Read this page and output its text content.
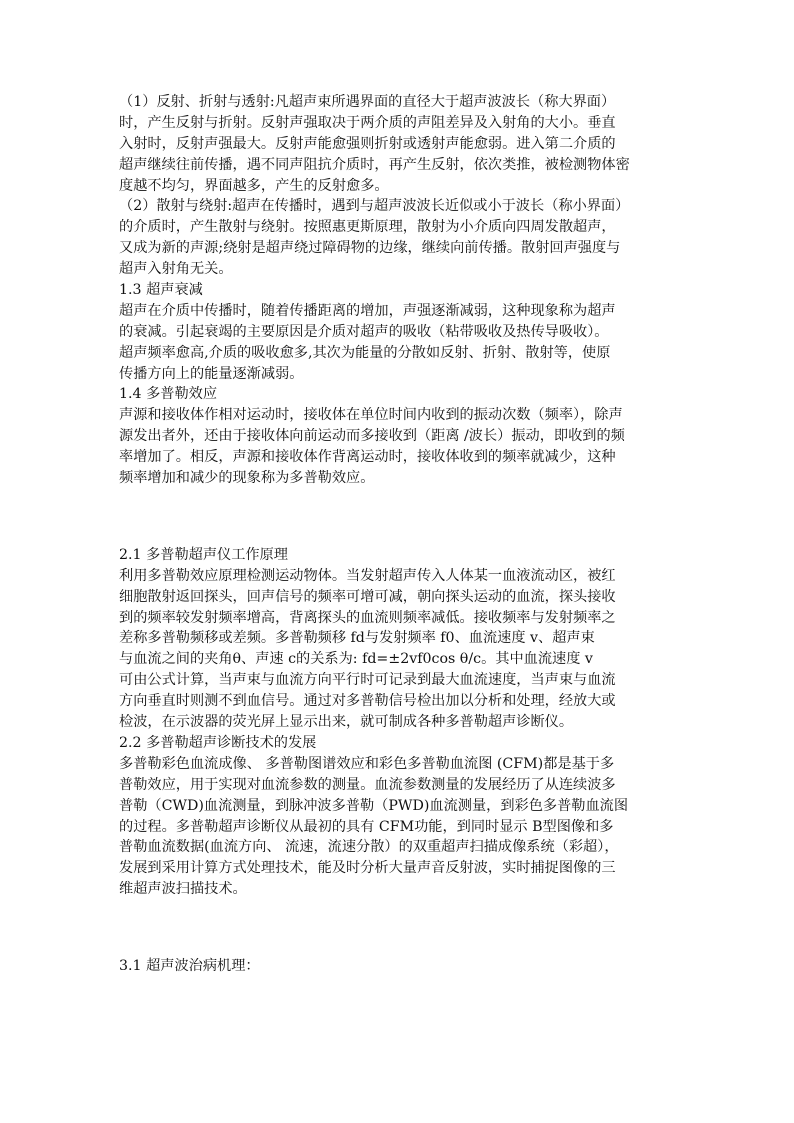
（1）反射、折射与透射:凡超声束所遇界面的直径大于超声波波长（称大界面）
时，产生反射与折射。反射声强取决于两介质的声阻差异及入射角的大小。垂直
入射时，反射声强最大。反射声能愈强则折射或透射声能愈弱。进入第二介质的
超声继续往前传播，遇不同声阻抗介质时，再产生反射，依次类推，被检测物体密
度越不均匀，界面越多，产生的反射愈多。
（2）散射与绕射:超声在传播时，遇到与超声波波长近似或小于波长（称小界面）
的介质时，产生散射与绕射。按照惠更斯原理，散射为小介质向四周发散超声，
又成为新的声源;绕射是超声绕过障碍物的边缘，继续向前传播。散射回声强度与
超声入射角无关。
1.3 超声衰减
超声在介质中传播时，随着传播距离的增加，声强逐渐减弱，这种现象称为超声
的衰减。引起衰竭的主要原因是介质对超声的吸收（粘带吸收及热传导吸收）。
超声频率愈高,介质的吸收愈多,其次为能量的分散如反射、折射、散射等，使原
传播方向上的能量逐渐减弱。
1.4 多普勒效应
声源和接收体作相对运动时，接收体在单位时间内收到的振动次数（频率），除声
源发出者外，还由于接收体向前运动而多接收到（距离 /波长）振动，即收到的频
率增加了。相反，声源和接收体作背离运动时，接收体收到的频率就减少，这种
频率增加和减少的现象称为多普勒效应。

2.1 多普勒超声仪工作原理
利用多普勒效应原理检测运动物体。当发射超声传入人体某一血液流动区，被红
细胞散射返回探头，回声信号的频率可增可减，朝向探头运动的血流，探头接收
到的频率较发射频率增高，背离探头的血流则频率减低。接收频率与发射频率之
差称多普勒频移或差频。多普勒频移 fd与发射频率 f0、血流速度 v、超声束
与血流之间的夹角θ、声速 c的关系为: fd=±2vf0cos θ/c。其中血流速度 v
可由公式计算，当声束与血流方向平行时可记录到最大血流速度，当声束与血流
方向垂直时则测不到血信号。通过对多普勒信号检出加以分析和处理，经放大或
检波，在示波器的荧光屏上显示出来，就可制成各种多普勒超声诊断仪。
2.2 多普勒超声诊断技术的发展
多普勒彩色血流成像、 多普勒图谱效应和彩色多普勒血流图 (CFM)都是基于多
普勒效应，用于实现对血流参数的测量。血流参数测量的发展经历了从连续波多
普勒（CWD)血流测量，到脉冲波多普勒（PWD)血流测量，到彩色多普勒血流图
的过程。多普勒超声诊断仪从最初的具有 CFM功能，到同时显示 B型图像和多
普勒血流数据(血流方向、 流速，流速分散）的双重超声扫描成像系统（彩超），
发展到采用计算方式处理技术，能及时分析大量声音反射波，实时捕捉图像的三
维超声波扫描技术。

3.1 超声波治病机理：
